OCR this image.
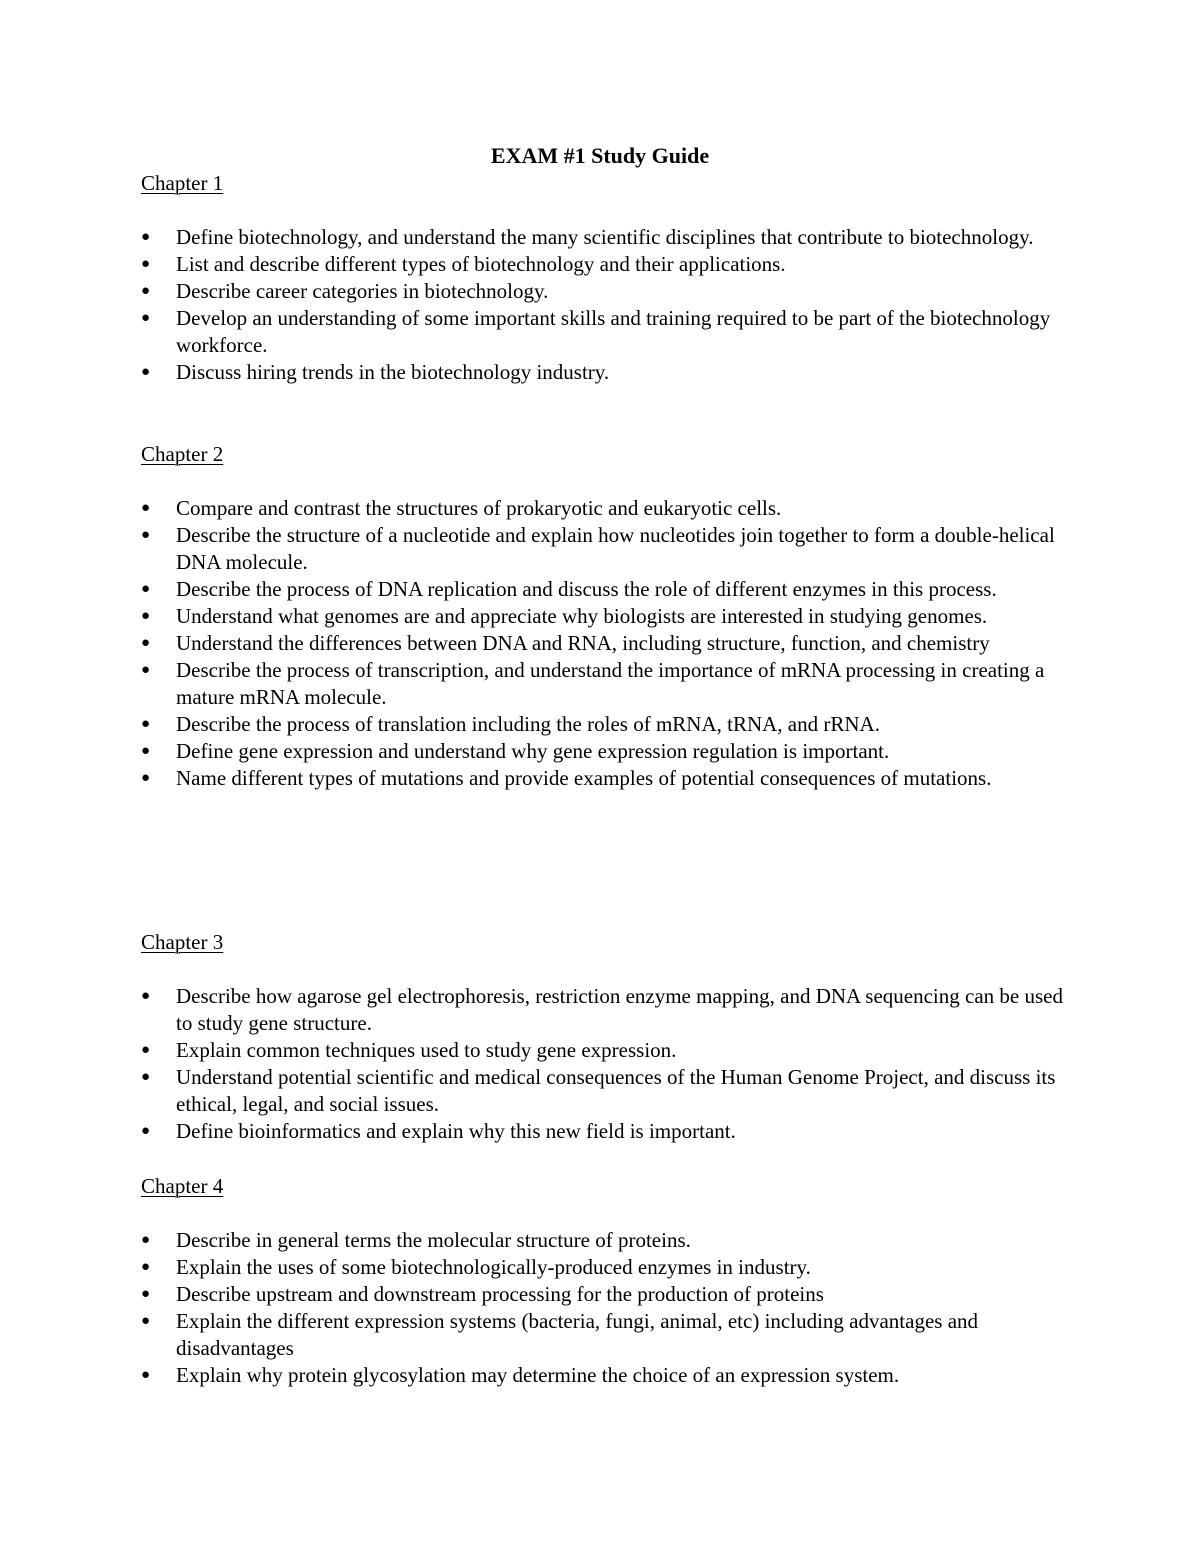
EXAM #1 Study Guide
Chapter 1
● Define biotechnology, and understand the many scientific disciplines that contribute to biotechnology.
● List and describe different types of biotechnology and their applications.
● Describe career categories in biotechnology.
● Develop an understanding of some important skills and training required to be part of the biotechnology workforce.
● Discuss hiring trends in the biotechnology industry.
Chapter 2
● Compare and contrast the structures of prokaryotic and eukaryotic cells.
● Describe the structure of a nucleotide and explain how nucleotides join together to form a double-helical DNA molecule.
● Describe the process of DNA replication and discuss the role of different enzymes in this process.
● Understand what genomes are and appreciate why biologists are interested in studying genomes.
● Understand the differences between DNA and RNA, including structure, function, and chemistry
● Describe the process of transcription, and understand the importance of mRNA processing in creating a mature mRNA molecule.
● Describe the process of translation including the roles of mRNA, tRNA, and rRNA.
● Define gene expression and understand why gene expression regulation is important.
● Name different types of mutations and provide examples of potential consequences of mutations.
Chapter 3
● Describe how agarose gel electrophoresis, restriction enzyme mapping, and DNA sequencing can be used to study gene structure.
● Explain common techniques used to study gene expression.
● Understand potential scientific and medical consequences of the Human Genome Project, and discuss its ethical, legal, and social issues.
● Define bioinformatics and explain why this new field is important.
Chapter 4
● Describe in general terms the molecular structure of proteins.
● Explain the uses of some biotechnologically-produced enzymes in industry.
● Describe upstream and downstream processing for the production of proteins
● Explain the different expression systems (bacteria, fungi, animal, etc) including advantages and disadvantages
● Explain why protein glycosylation may determine the choice of an expression system.
